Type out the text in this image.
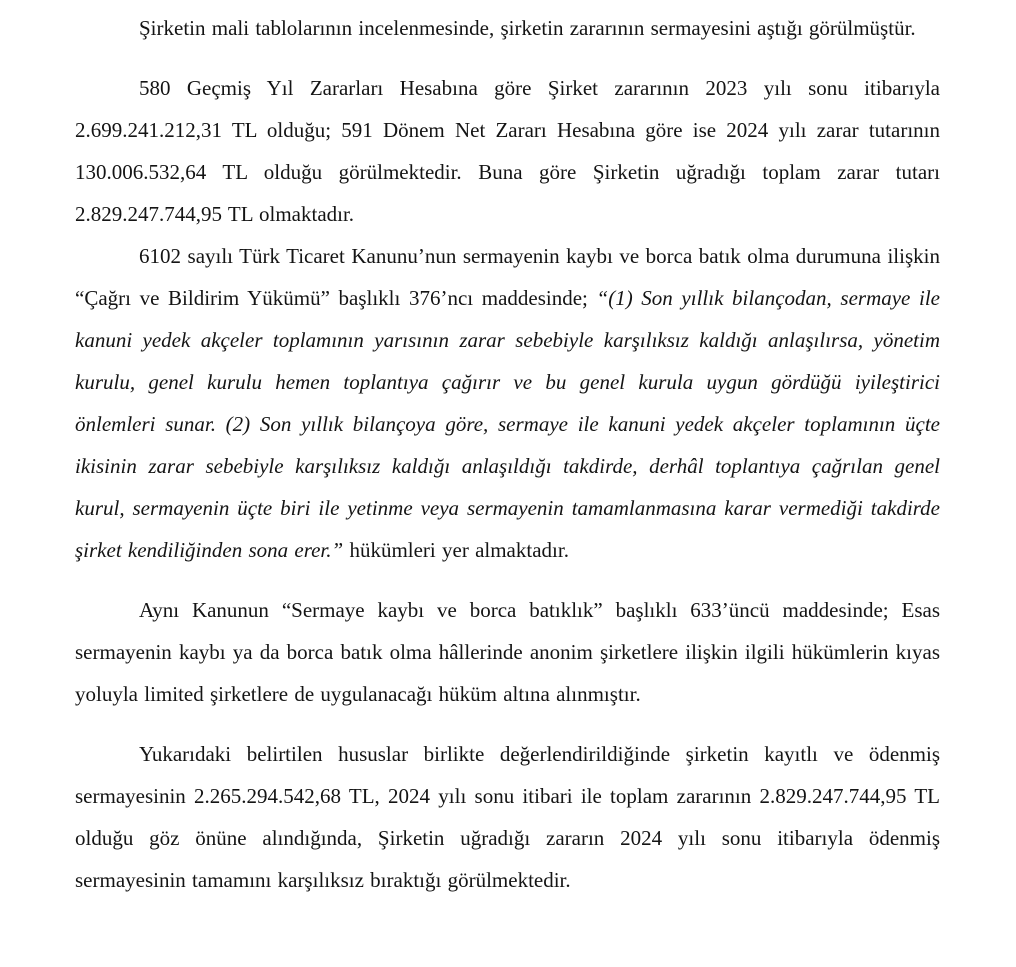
Şirketin mali tablolarının incelenmesinde, şirketin zararının sermayesini aştığı görülmüştür.

580 Geçmiş Yıl Zararları Hesabına göre Şirket zararının 2023 yılı sonu itibarıyla 2.699.241.212,31 TL olduğu; 591 Dönem Net Zararı Hesabına göre ise 2024 yılı zarar tutarının 130.006.532,64 TL olduğu görülmektedir. Buna göre Şirketin uğradığı toplam zarar tutarı 2.829.247.744,95 TL olmaktadır.

6102 sayılı Türk Ticaret Kanunu’nun sermayenin kaybı ve borca batık olma durumuna ilişkin “Çağrı ve Bildirim Yükümü” başlıklı 376’ncı maddesinde; “(1) Son yıllık bilançodan, sermaye ile kanuni yedek akçeler toplamının yarısının zarar sebebiyle karşılıksız kaldığı anlaşılırsa, yönetim kurulu, genel kurulu hemen toplantıya çağırır ve bu genel kurula uygun gördüğü iyileştirici önlemleri sunar. (2) Son yıllık bilançoya göre, sermaye ile kanuni yedek akçeler toplamının üçte ikisinin zarar sebebiyle karşılıksız kaldığı anlaşıldığı takdirde, derhâl toplantıya çağrılan genel kurul, sermayenin üçte biri ile yetinme veya sermayenin tamamlanmasına karar vermediği takdirde şirket kendiliğinden sona erer.” hükümleri yer almaktadır.

Aynı Kanunun “Sermaye kaybı ve borca batıklık” başlıklı 633’üncü maddesinde; Esas sermayenin kaybı ya da borca batık olma hâllerinde anonim şirketlere ilişkin ilgili hükümlerin kıyas yoluyla limited şirketlere de uygulanacağı hüküm altına alınmıştır.

Yukarıdaki belirtilen hususlar birlikte değerlendirildiğinde şirketin kayıtlı ve ödenmiş sermayesinin 2.265.294.542,68 TL, 2024 yılı sonu itibari ile toplam zararının 2.829.247.744,95 TL olduğu göz önüne alındığında, Şirketin uğradığı zararın 2024 yılı sonu itibarıyla ödenmiş sermayesinin tamamını karşılıksız bıraktığı görülmektedir.
